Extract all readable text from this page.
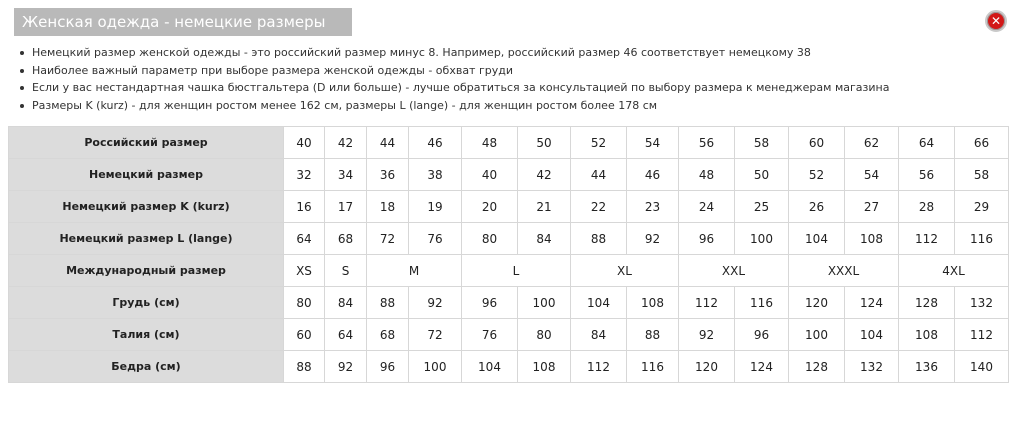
Женская одежда - немецкие размеры	✕
Немецкий размер женской одежды - это российский размер минус 8. Например, российский размер 46 соответствует немецкому 38
Наиболее важный параметр при выборе размера женской одежды - обхват груди
Если у вас нестандартная чашка бюстгальтера (D или больше) - лучше обратиться за консультацией по выбору размера к менеджерам магазина
Размеры K (kurz) - для женщин ростом менее 162 см, размеры L (lange) - для женщин ростом более 178 см
Российский размер	40	42	44	46	48	50	52	54	56	58	60	62	64	66
Немецкий размер	32	34	36	38	40	42	44	46	48	50	52	54	56	58
Немецкий размер K (kurz)	16	17	18	19	20	21	22	23	24	25	26	27	28	29
Немецкий размер L (lange)	64	68	72	76	80	84	88	92	96	100	104	108	112	116
Международный размер	XS	S	M		L		XL		XXL		XXXL		4XL	
Грудь (см)	80	84	88	92	96	100	104	108	112	116	120	124	128	132
Талия (см)	60	64	68	72	76	80	84	88	92	96	100	104	108	112
Бедра (см)	88	92	96	100	104	108	112	116	120	124	128	132	136	140
